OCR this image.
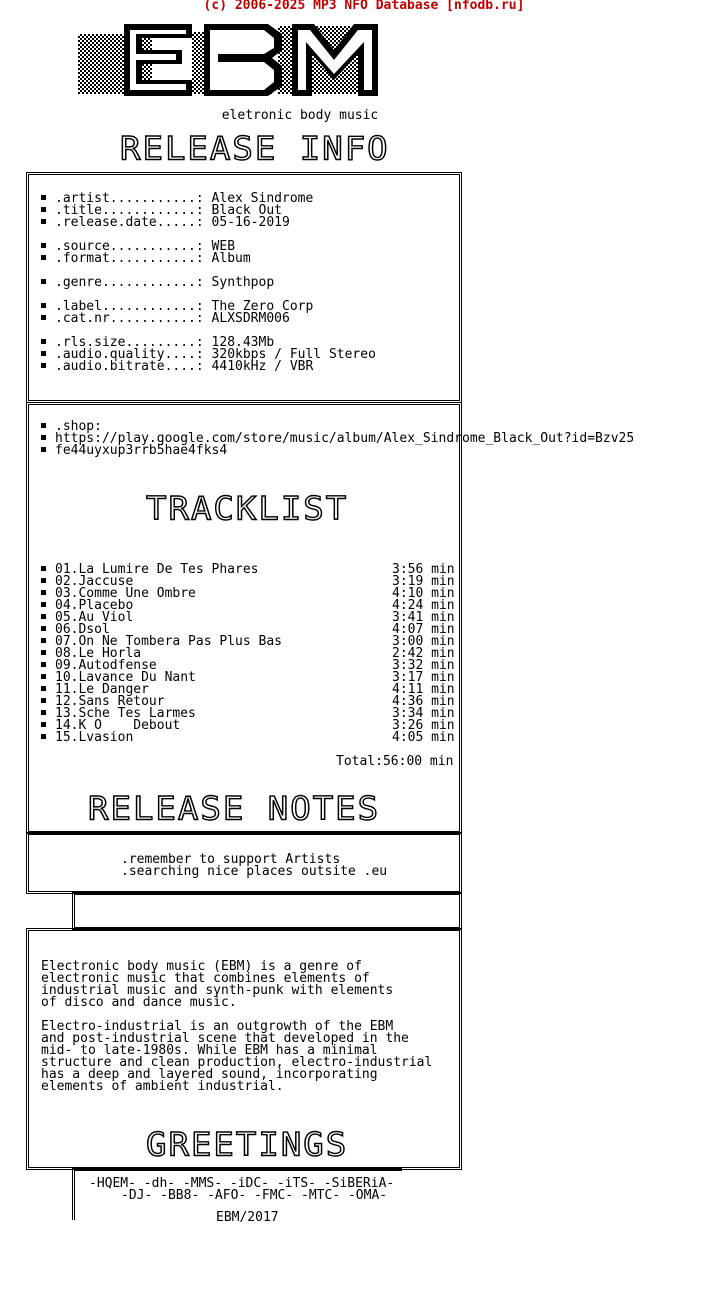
(c) 2006-2025 MP3 NFO Database [nfodb.ru]
eletronic body music
RELEASE INFO
.artist...........: Alex Sindrome
.title............: Black Out
.release.date.....: 05-16-2019
.source...........: WEB
.format...........: Album
.genre............: Synthpop
.label............: The Zero Corp
.cat.nr...........: ALXSDRM006
.rls.size.........: 128.43Mb
.audio.quality....: 320kbps / Full Stereo
.audio.bitrate....: 4410kHz / VBR
.shop:
https://play.google.com/store/music/album/Alex_Sindrome_Black_Out?id=Bzv25
fe44uyxup3rrb5hae4fks4
TRACKLIST
01.La Lumire De Tes Phares	3:56 min
02.Jaccuse	3:19 min
03.Comme Une Ombre	4:10 min
04.Placebo	4:24 min
05.Au Viol	3:41 min
06.Dsol	4:07 min
07.On Ne Tombera Pas Plus Bas	3:00 min
08.Le Horla	2:42 min
09.Autodfense	3:32 min
10.Lavance Du Nant	3:17 min
11.Le Danger	4:11 min
12.Sans Retour	4:36 min
13.Sche Tes Larmes	3:34 min
14.K O    Debout	3:26 min
15.Lvasion	4:05 min
Total:56:00 min
RELEASE NOTES
.remember to support Artists
.searching nice places outsite .eu
Electronic body music (EBM) is a genre of
electronic music that combines elements of
industrial music and synth-punk with elements
of disco and dance music.
Electro-industrial is an outgrowth of the EBM
and post-industrial scene that developed in the
mid- to late-1980s. While EBM has a minimal
structure and clean production, electro-industrial
has a deep and layered sound, incorporating
elements of ambient industrial.
GREETINGS
-HQEM- -dh- -MMS- -iDC- -iTS- -SiBERiA-
-DJ- -BB8- -AFO- -FMC- -MTC- -OMA-
EBM/2017
